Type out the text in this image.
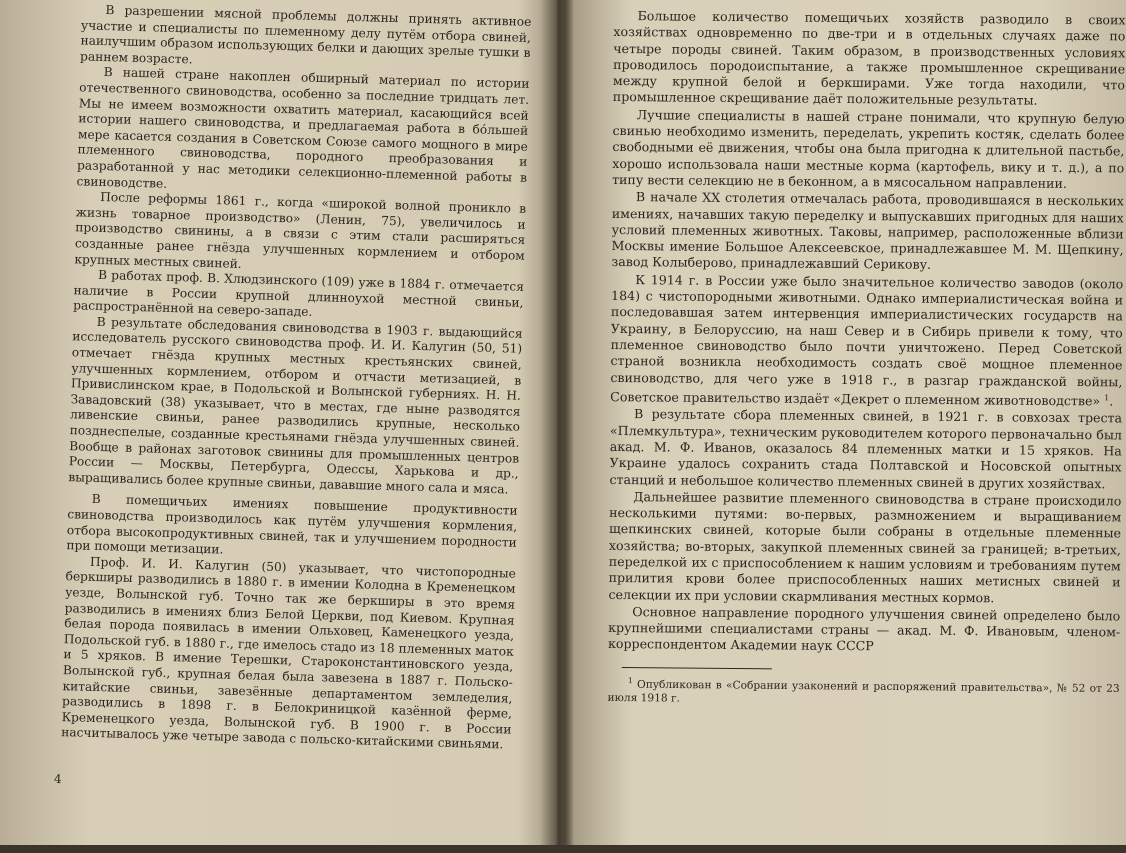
В разрешении мясной проблемы должны принять активное участие и специалисты по племенному делу путём отбора свиней, наилучшим образом использующих белки и дающих зрелые тушки в раннем возрасте.

В нашей стране накоплен обширный материал по истории отечественного свиноводства, особенно за последние тридцать лет. Мы не имеем возможности охватить материал, касающийся всей истории нашего свиноводства, и предлагаемая работа в бóльшей мере касается создания в Советском Союзе самого мощного в мире племенного свиноводства, породного преобразования и разработанной у нас методики селекционно-племенной работы в свиноводстве.

После реформы 1861 г., когда «широкой волной проникло в жизнь товарное производство» (Ленин, 75), увеличилось и производство свинины, а в связи с этим стали расширяться созданные ранее гнёзда улучшенных кормлением и отбором крупных местных свиней.

В работах проф. В. Хлюдзинского (109) уже в 1884 г. отмечается наличие в России крупной длинноухой местной свиньи, распространённой на северо-западе.

В результате обследования свиноводства в 1903 г. выдающийся исследователь русского свиноводства проф. И. И. Калугин (50, 51) отмечает гнёзда крупных местных крестьянских свиней, улучшенных кормлением, отбором и отчасти метизацией, в Привислинском крае, в Подольской и Волынской губерниях. Н. Н. Завадовский (38) указывает, что в местах, где ныне разводятся ливенские свиньи, ранее разводились крупные, несколько позднеспелые, созданные крестьянами гнёзда улучшенных свиней. Вообще в районах заготовок свинины для промышленных центров России — Москвы, Петербурга, Одессы, Харькова и др., выращивались более крупные свиньи, дававшие много сала и мяса.

В помещичьих имениях повышение продуктивности свиноводства производилось как путём улучшения кормления, отбора высокопродуктивных свиней, так и улучшением породности при помощи метизации.

Проф. И. И. Калугин (50) указывает, что чистопородные беркширы разводились в 1880 г. в имении Колодна в Кременецком уезде, Волынской губ. Точно так же беркширы в это время разводились в имениях близ Белой Церкви, под Киевом. Крупная белая порода появилась в имении Ольховец, Каменецкого уезда, Подольской губ. в 1880 г., где имелось стадо из 18 племенных маток и 5 хряков. В имение Терешки, Староконстантиновского уезда, Волынской губ., крупная белая была завезена в 1887 г. Польско-китайские свиньи, завезённые департаментом земледелия, разводились в 1898 г. в Белокриницкой казённой ферме, Кременецкого уезда, Волынской губ. В 1900 г. в России насчитывалось уже четыре завода с польско-китайскими свиньями.

4

Большое количество помещичьих хозяйств разводило в своих хозяйствах одновременно по две-три и в отдельных случаях даже по четыре породы свиней. Таким образом, в производственных условиях проводилось породоиспытание, а также промышленное скрещивание между крупной белой и беркширами. Уже тогда находили, что промышленное скрещивание даёт положительные результаты.

Лучшие специалисты в нашей стране понимали, что крупную белую свинью необходимо изменить, переделать, укрепить костяк, сделать более свободными её движения, чтобы она была пригодна к длительной пастьбе, хорошо использовала наши местные корма (картофель, вику и т. д.), а по типу вести селекцию не в беконном, а в мясосальном направлении.

В начале XX столетия отмечалась работа, проводившаяся в нескольких имениях, начавших такую переделку и выпускавших пригодных для наших условий племенных животных. Таковы, например, расположенные вблизи Москвы имение Большое Алексеевское, принадлежавшее М. М. Щепкину, завод Колыберово, принадлежавший Серикову.

К 1914 г. в России уже было значительное количество заводов (около 184) с чистопородными животными. Однако империалистическая война и последовавшая затем интервенция империалистических государств на Украину, в Белоруссию, на наш Север и в Сибирь привели к тому, что племенное свиноводство было почти уничтожено. Перед Советской страной возникла необходимость создать своё мощное племенное свиноводство, для чего уже в 1918 г., в разгар гражданской войны, Советское правительство издаёт «Декрет о племенном животноводстве» $^1$.

В результате сбора племенных свиней, в 1921 г. в совхозах треста «Племкультура», техническим руководителем которого первоначально был акад. М. Ф. Иванов, оказалось 84 племенных матки и 15 хряков. На Украине удалось сохранить стада Полтавской и Носовской опытных станций и небольшое количество племенных свиней в других хозяйствах.

Дальнейшее развитие племенного свиноводства в стране происходило несколькими путями: во-первых, размножением и выращиванием щепкинских свиней, которые были собраны в отдельные племенные хозяйства; во-вторых, закупкой племенных свиней за границей; в-третьих, переделкой их с приспособлением к нашим условиям и требованиям путем прилития крови более приспособленных наших метисных свиней и селекции их при условии скармливания местных кормов.

Основное направление породного улучшения свиней определено было крупнейшими специалистами страны — акад. М. Ф. Ивановым, членом-корреспондентом Академии наук СССР

$^1$ Опубликован в «Собрании узаконений и распоряжений правительства», № 52 от 23 июля 1918 г.
